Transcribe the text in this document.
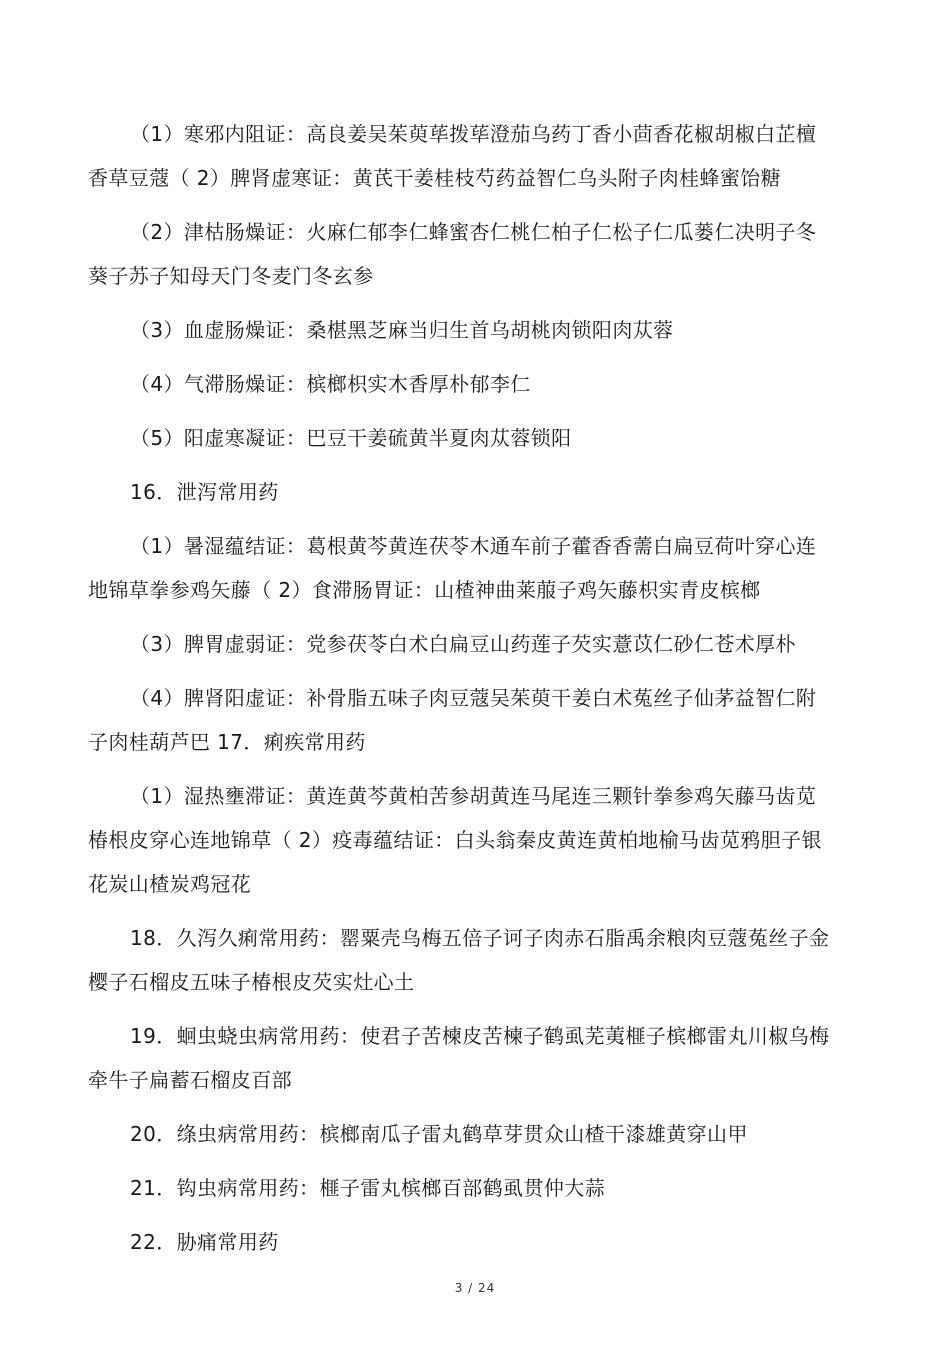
（1）寒邪内阻证：高良姜吴茱萸荜拨荜澄茄乌药丁香小茴香花椒胡椒白芷檀香草豆蔻（ 2）脾肾虚寒证：黄芪干姜桂枝芍药益智仁乌头附子肉桂蜂蜜饴糖

（2）津枯肠燥证：火麻仁郁李仁蜂蜜杏仁桃仁柏子仁松子仁瓜蒌仁决明子冬葵子苏子知母天门冬麦门冬玄参

（3）血虚肠燥证：桑椹黑芝麻当归生首乌胡桃肉锁阳肉苁蓉

（4）气滞肠燥证：槟榔枳实木香厚朴郁李仁

（5）阳虚寒凝证：巴豆干姜硫黄半夏肉苁蓉锁阳

16．泄泻常用药

（1）暑湿蕴结证：葛根黄芩黄连茯苓木通车前子藿香香薷白扁豆荷叶穿心连地锦草拳参鸡矢藤（ 2）食滞肠胃证：山楂神曲莱菔子鸡矢藤枳实青皮槟榔

（3）脾胃虚弱证：党参茯苓白术白扁豆山药莲子芡实薏苡仁砂仁苍术厚朴

（4）脾肾阳虚证：补骨脂五味子肉豆蔻吴茱萸干姜白术菟丝子仙茅益智仁附子肉桂葫芦巴 17．痢疾常用药

（1）湿热壅滞证：黄连黄芩黄柏苦参胡黄连马尾连三颗针拳参鸡矢藤马齿苋椿根皮穿心连地锦草（ 2）疫毒蕴结证：白头翁秦皮黄连黄柏地榆马齿苋鸦胆子银花炭山楂炭鸡冠花

18．久泻久痢常用药：罂粟壳乌梅五倍子诃子肉赤石脂禹余粮肉豆蔻菟丝子金樱子石榴皮五味子椿根皮芡实灶心土

19．蛔虫蛲虫病常用药：使君子苦楝皮苦楝子鹤虱芜荑榧子槟榔雷丸川椒乌梅牵牛子扁蓄石榴皮百部

20．绦虫病常用药：槟榔南瓜子雷丸鹤草芽贯众山楂干漆雄黄穿山甲

21．钩虫病常用药：榧子雷丸槟榔百部鹤虱贯仲大蒜

22．胁痛常用药

3 / 24
